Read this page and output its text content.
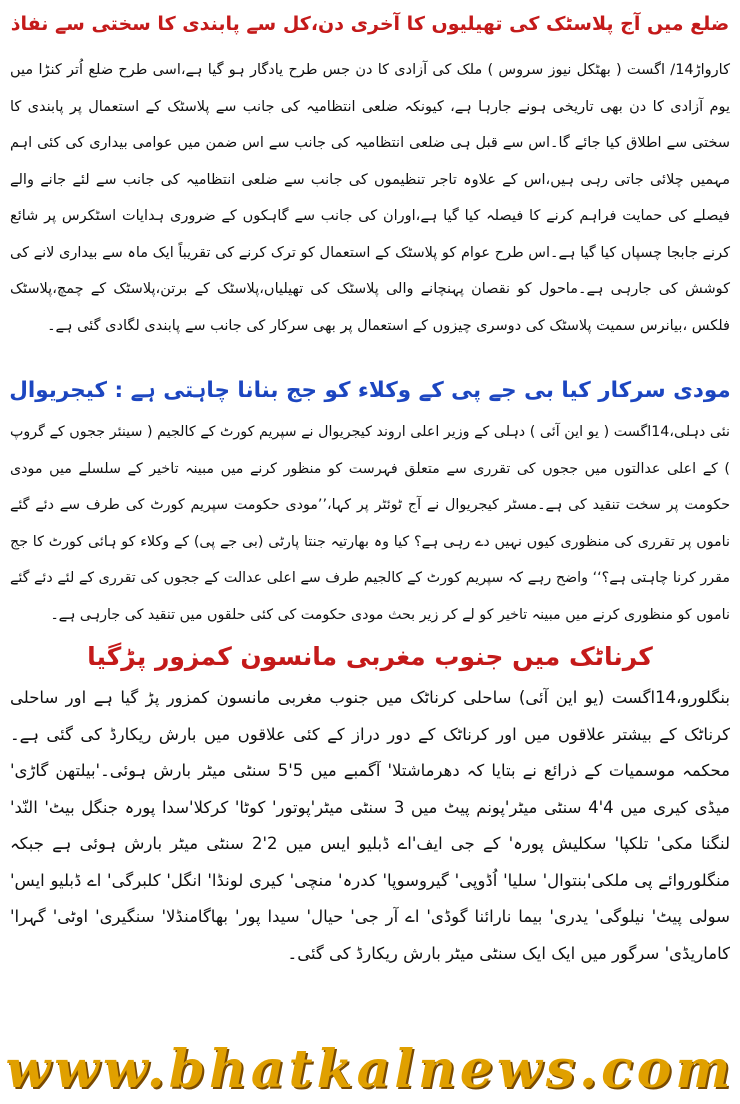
ضلع میں آج پلاسٹک کی تھیلیوں کا آخری دن،کل سے پابندی کا سختی سے نفاذ

کارواڑ14/ اگست ( بھٹکل نیوز سروس ) ملک کی آزادی کا دن جس طرح یادگار ہو گیا ہے،اسی طرح ضلع اُتر کنڑا میں یوم آزادی کا دن بھی تاریخی ہونے جارہا ہے، کیونکہ ضلعی انتظامیہ کی جانب سے پلاسٹک کے استعمال پر پابندی کا سختی سے اطلاق کیا جائے گا۔اس سے قبل ہی ضلعی انتظامیہ کی جانب سے اس ضمن میں عوامی بیداری کی کئی اہم مہمیں چلائی جاتی رہی ہیں،اس کے علاوہ تاجر تنظیموں کی جانب سے ضلعی انتظامیہ کی جانب سے لئے جانے والے فیصلے کی حمایت فراہم کرنے کا فیصلہ کیا گیا ہے،اوران کی جانب سے گاہکوں کے ضروری ہدایات اسٹکرس پر شائع کرنے جابجا چسپاں کیا گیا ہے۔اس طرح عوام کو پلاسٹک کے استعمال کو ترک کرنے کی تقریباً ایک ماہ سے بیداری لانے کی کوشش کی جارہی ہے۔ماحول کو نقصان پہنچانے والی پلاسٹک کی تھیلیاں،پلاسٹک کے برتن،پلاسٹک کے چمچ،پلاسٹک فلکس ،بیانرس سمیت پلاسٹک کی دوسری چیزوں کے استعمال پر بھی سرکار کی جانب سے پابندی لگادی گئی ہے۔

مودی سرکار کیا بی جے پی کے وکلاء کو جج بنانا چاہتی ہے : کیجریوال

نئی دہلی،14اگست ( یو این آئی ) دہلی کے وزیر اعلی اروند کیجریوال نے سپریم کورٹ کے کالجیم ( سینئر ججوں کے گروپ ) کے اعلی عدالتوں میں ججوں کی تقرری سے متعلق فہرست کو منظور کرنے میں مبینہ تاخیر کے سلسلے میں مودی حکومت پر سخت تنقید کی ہے۔مسٹر کیجریوال نے آج ٹوئٹر پر کہا،’’مودی حکومت سپریم کورٹ کی طرف سے دئے گئے ناموں پر تقرری کی منظوری کیوں نہیں دے رہی ہے؟ کیا وہ بھارتیہ جنتا پارٹی (بی جے پی) کے وکلاء کو ہائی کورٹ کا جج مقرر کرنا چاہتی ہے؟‘‘ واضح رہے کہ سپریم کورٹ کے کالجیم طرف سے اعلی عدالت کے ججوں کی تقرری کے لئے دئے گئے ناموں کو منظوری کرنے میں مبینہ تاخیر کو لے کر زیر بحث مودی حکومت کی کئی حلقوں میں تنقید کی جارہی ہے۔

کرناٹک میں جنوب مغربی مانسون کمزور پڑگیا

بنگلورو،14اگست (یو این آئی) ساحلی کرناٹک میں جنوب مغربی مانسون کمزور پڑ گیا ہے اور ساحلی کرناٹک کے بیشتر علاقوں میں اور کرناٹک کے دور دراز کے کئی علاقوں میں بارش ریکارڈ کی گئی ہے۔محکمہ موسمیات کے ذرائع نے بتایا کہ دھرماشتلا' آگمبے میں 5'5 سنٹی میٹر بارش ہوئی۔'بیلتھن گاڑی' میڈی کیری میں 4'4 سنٹی میٹر'پونم پیٹ میں 3 سنٹی میٹر'پوتور' کوٹا' کرکلا'سدا پورہ جنگل بیٹ' النّد' لنگنا مکی' تلکپا' سکلیش پورہ' کے جی ایف'اے ڈبلیو ایس میں 2'2 سنٹی میٹر بارش ہوئی ہے جبکہ منگلوروائے پی ملکی'بنتوال' سلیا' اُڈوپی' گیروسوپا' کدرہ' منچی' کیری لونڈا' انگل' کلبرگی' اے ڈبلیو ایس' سولی پیٹ' نیلوگی' یدری' بیما نارائنا گوڈی' اے آر جی' حیال' سیدا پور' بھاگامنڈلا' سنگیری' اوٹی' گہرا' کاماریڈی' سرگور میں ایک ایک سنٹی میٹر بارش ریکارڈ کی گئی۔

www.bhatkalnews.com
